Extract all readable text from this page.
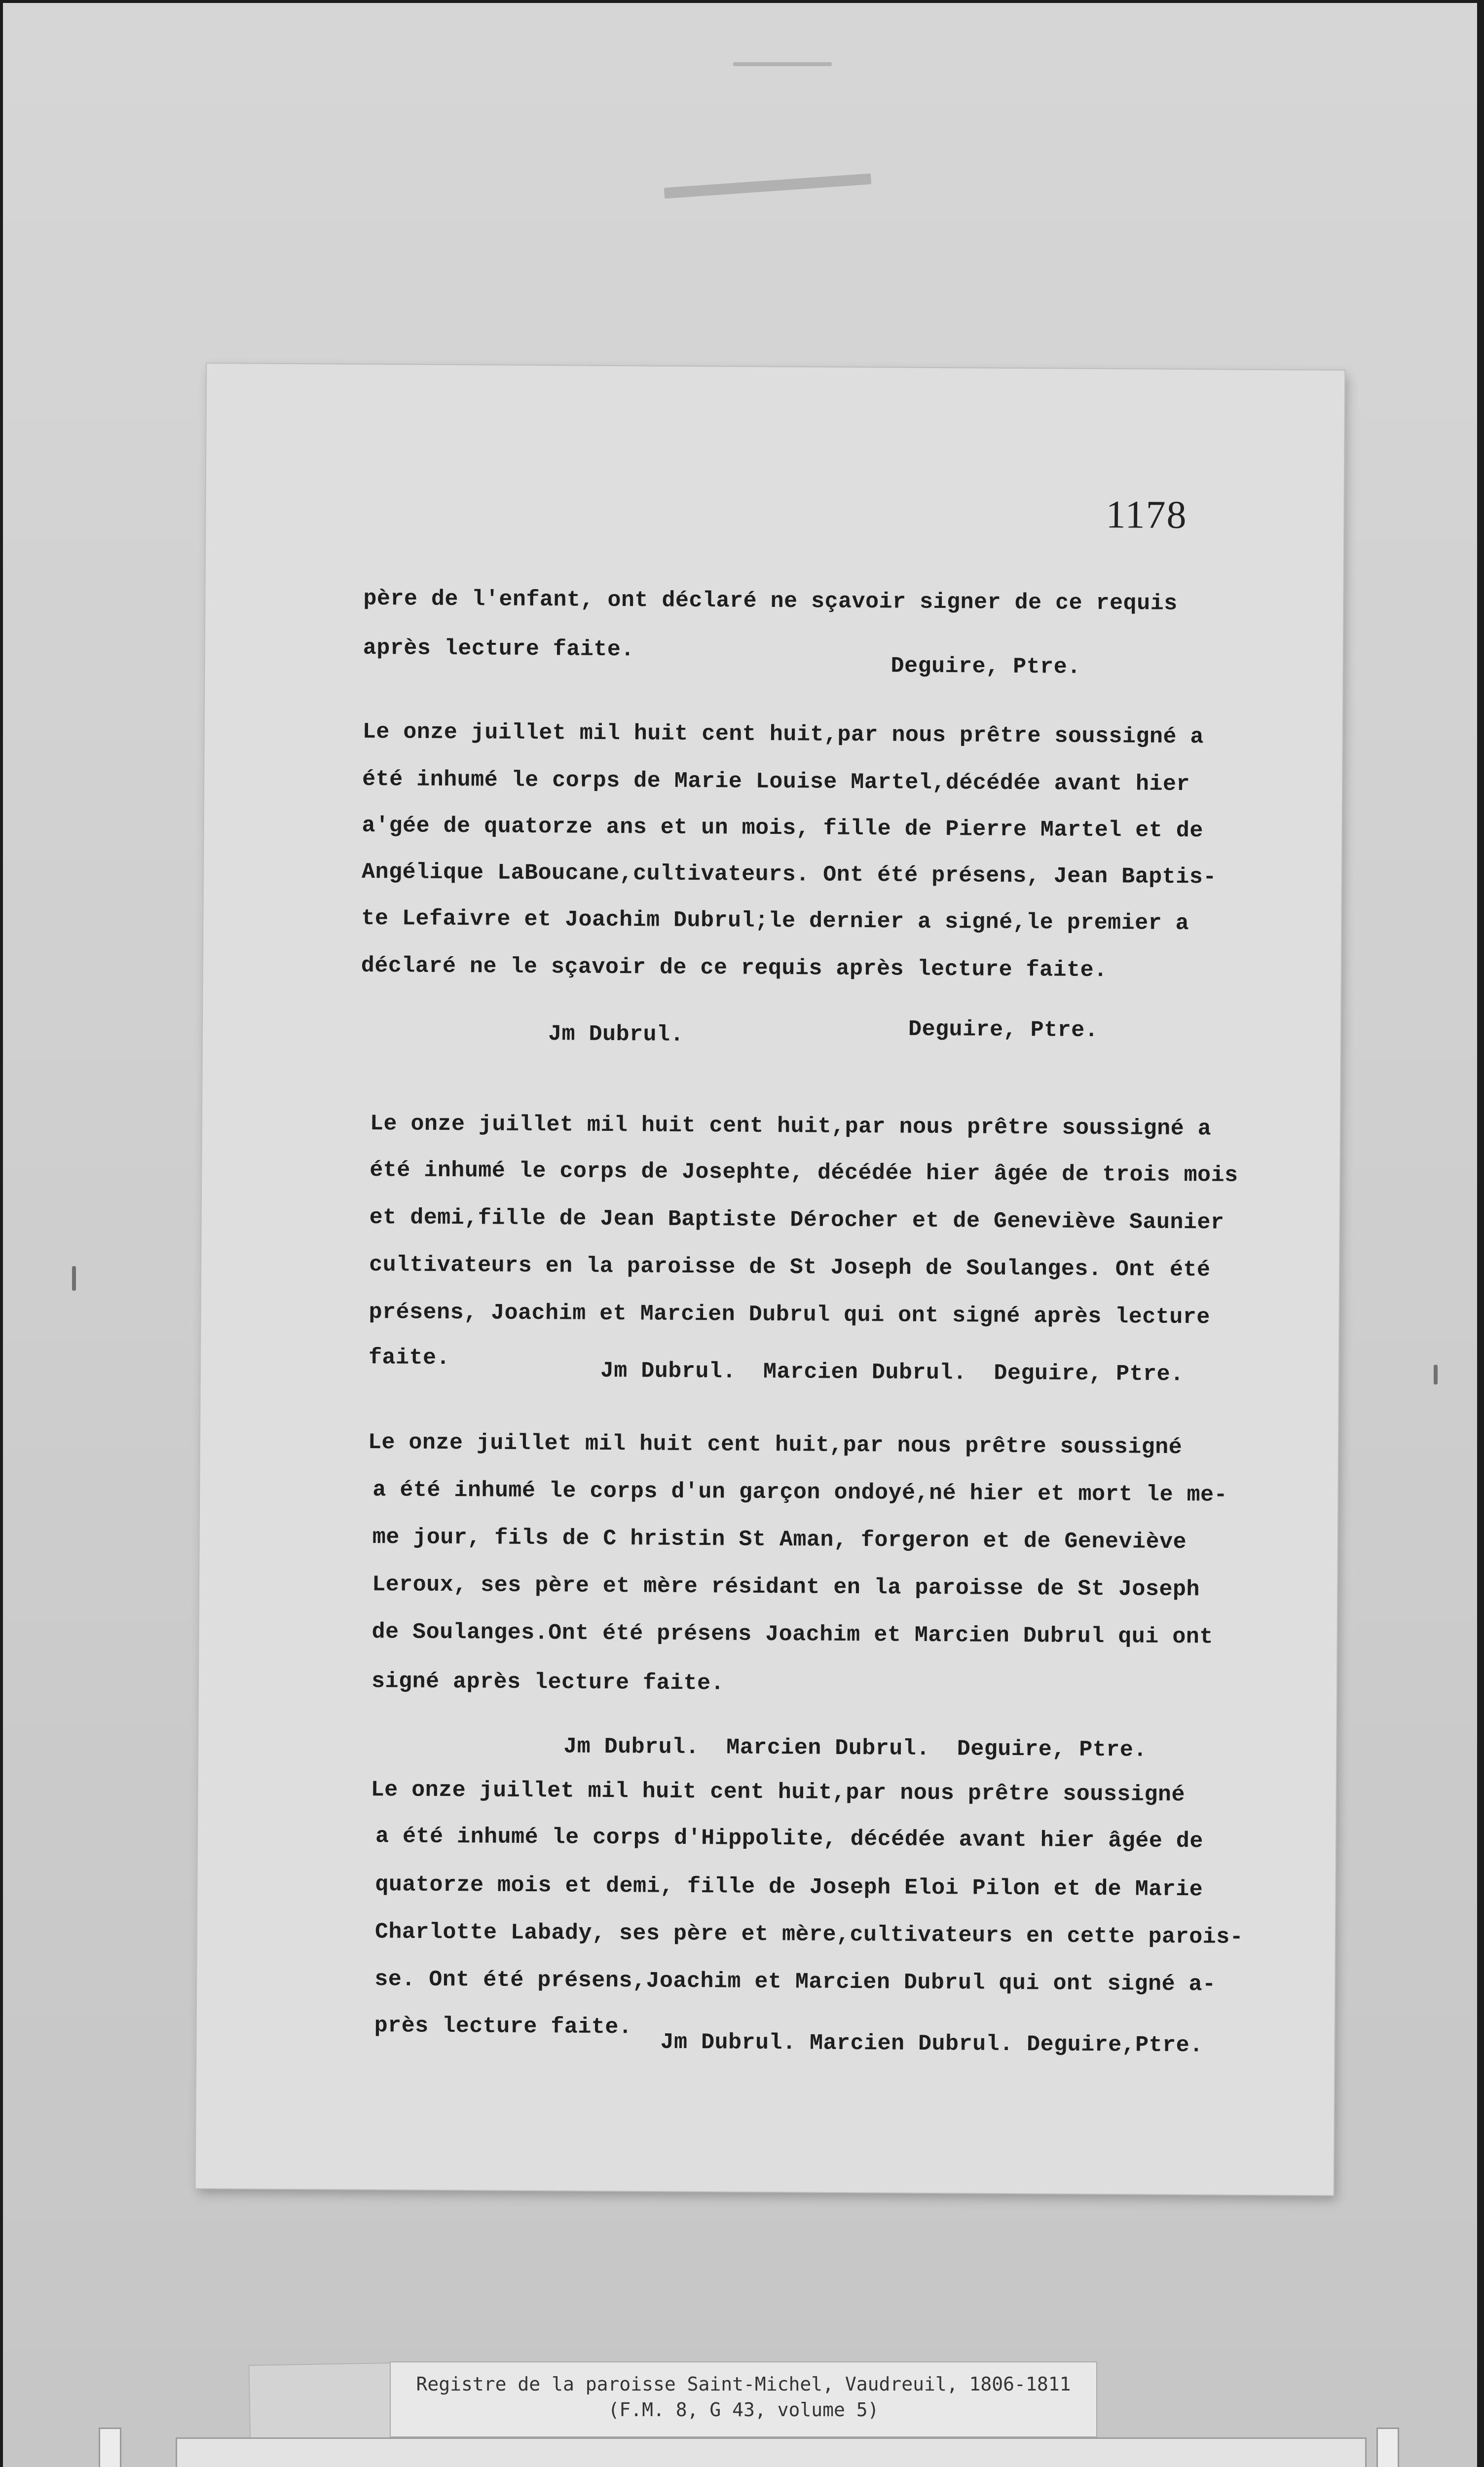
1178

père de l'enfant, ont déclaré ne sçavoir signer de ce requis

après lecture faite.

Deguire, Ptre.

Le onze juillet mil huit cent huit,par nous prêtre soussigné a

été inhumé le corps de Marie Louise Martel,décédée avant hier

a'gée de quatorze ans et un mois, fille de Pierre Martel et de

Angélique LaBoucane,cultivateurs. Ont été présens, Jean Baptis-

te Lefaivre et Joachim Dubrul;le dernier a signé,le premier a

déclaré ne le sçavoir de ce requis après lecture faite.

Jm Dubrul.	Deguire, Ptre.

Le onze juillet mil huit cent huit,par nous prêtre soussigné a

été inhumé le corps de Josephte, décédée hier âgée de trois mois

et demi,fille de Jean Baptiste Dérocher et de Geneviève Saunier

cultivateurs en la paroisse de St Joseph de Soulanges. Ont été

présens, Joachim et Marcien Dubrul qui ont signé après lecture

faite.

Jm Dubrul.  Marcien Dubrul.  Deguire, Ptre.

Le onze juillet mil huit cent huit,par nous prêtre soussigné

a été inhumé le corps d'un garçon ondoyé,né hier et mort le me-

me jour, fils de C hristin St Aman, forgeron et de Geneviève

Leroux, ses père et mère résidant en la paroisse de St Joseph

de Soulanges.Ont été présens Joachim et Marcien Dubrul qui ont

signé après lecture faite.

Jm Dubrul.  Marcien Dubrul.  Deguire, Ptre.

Le onze juillet mil huit cent huit,par nous prêtre soussigné

a été inhumé le corps d'Hippolite, décédée avant hier âgée de

quatorze mois et demi, fille de Joseph Eloi Pilon et de Marie

Charlotte Labady, ses père et mère,cultivateurs en cette parois-

se. Ont été présens,Joachim et Marcien Dubrul qui ont signé a-

près lecture faite.

Jm Dubrul. Marcien Dubrul. Deguire,Ptre.

Registre de la paroisse Saint-Michel, Vaudreuil, 1806-1811

(F.M. 8, G 43, volume 5)
